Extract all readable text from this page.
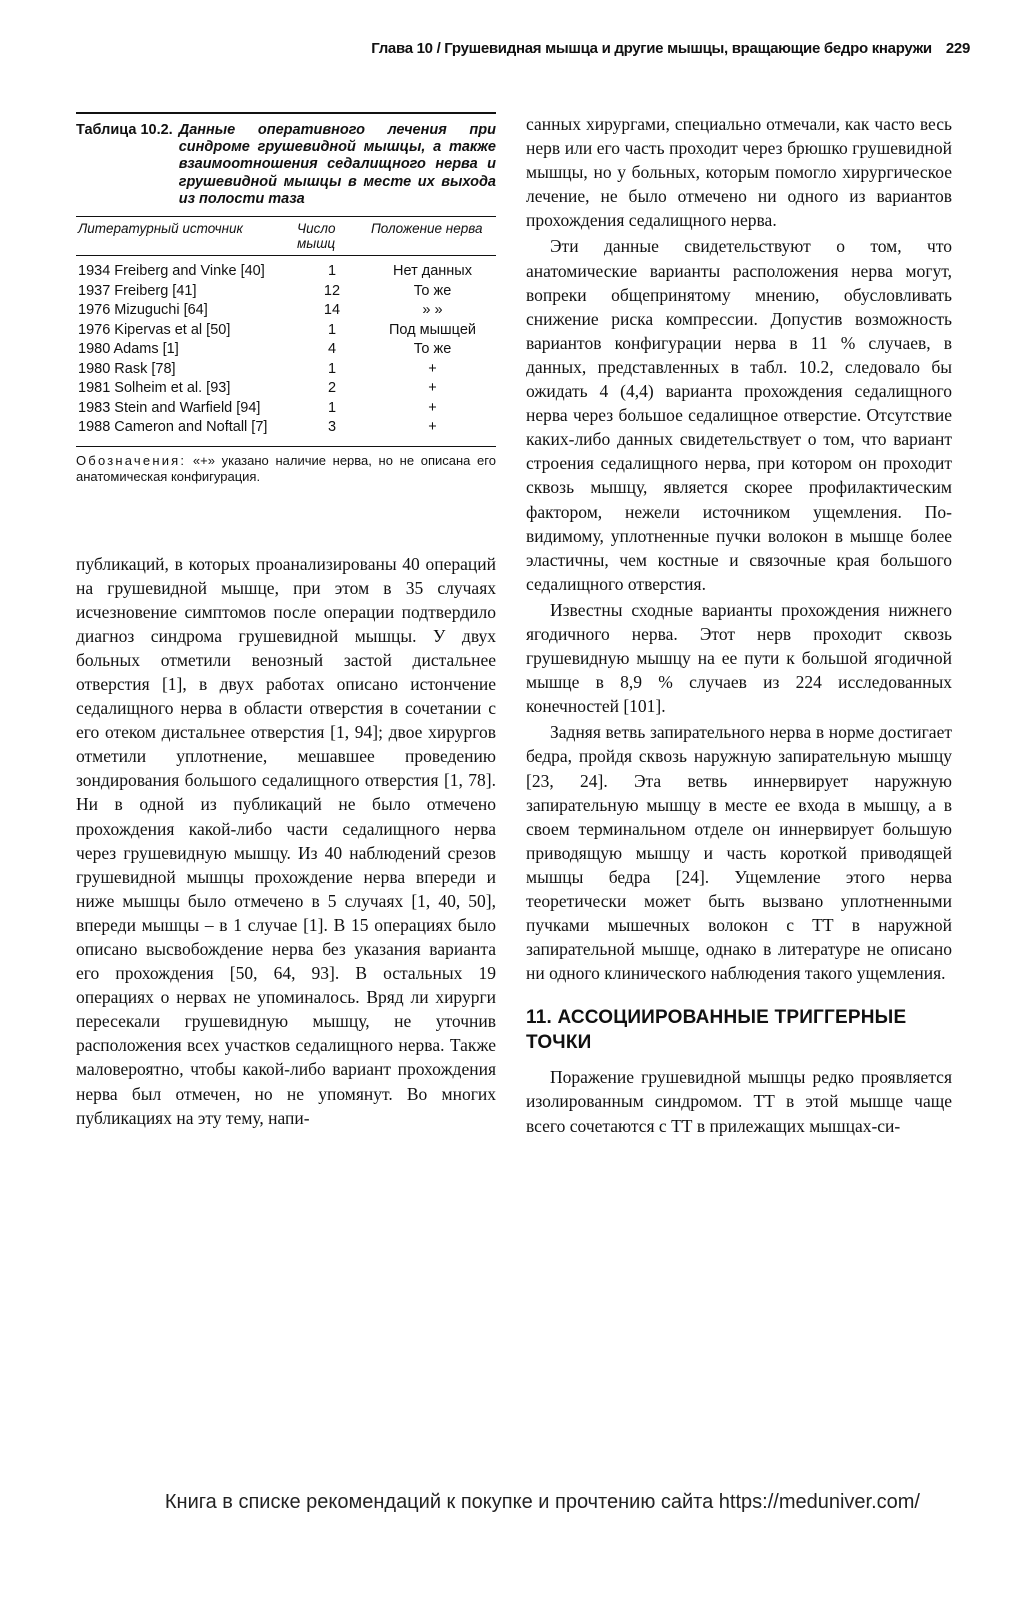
Глава 10 / Грушевидная мышца и другие мышцы, вращающие бедро кнаружи 229
Таблица 10.2. Данные оперативного лечения при синдроме грушевидной мышцы, а также взаимоотношения седалищного нерва и грушевидной мышцы в месте их выхода из полости таза
Литературный источник	Число мышц	Положение нерва
1934 Freiberg and Vinke [40]	1	Нет данных
1937 Freiberg [41]	12	То же
1976 Mizuguchi [64]	14	» »
1976 Kipervas et al [50]	1	Под мышцей
1980 Adams [1]	4	То же
1980 Rask [78]	1	+
1981 Solheim et al. [93]	2	+
1983 Stein and Warfield [94]	1	+
1988 Cameron and Noftall [7]	3	+
Обозначения: «+» указано наличие нерва, но не описана его анатомическая конфигурация.

публикаций, в которых проанализированы 40 операций на грушевидной мышце, при этом в 35 случаях исчезновение симптомов после операции подтвердило диагноз синдрома грушевидной мышцы. У двух больных отметили венозный застой дистальнее отверстия [1], в двух работах описано истончение седалищного нерва в области отверстия в сочетании с его отеком дистальнее отверстия [1, 94]; двое хирургов отметили уплотнение, мешавшее проведению зондирования большого седалищного отверстия [1, 78]. Ни в одной из публикаций не было отмечено прохождения какой-либо части седалищного нерва через грушевидную мышцу. Из 40 наблюдений срезов грушевидной мышцы прохождение нерва впереди и ниже мышцы было отмечено в 5 случаях [1, 40, 50], впереди мышцы – в 1 случае [1]. В 15 операциях было описано высвобождение нерва без указания варианта его прохождения [50, 64, 93]. В остальных 19 операциях о нервах не упоминалось. Вряд ли хирурги пересекали грушевидную мышцу, не уточнив расположения всех участков седалищного нерва. Также маловероятно, чтобы какой-либо вариант прохождения нерва был отмечен, но не упомянут. Во многих публикациях на эту тему, напи-

санных хирургами, специально отмечали, как часто весь нерв или его часть проходит через брюшко грушевидной мышцы, но у больных, которым помогло хирургическое лечение, не было отмечено ни одного из вариантов прохождения седалищного нерва.

Эти данные свидетельствуют о том, что анатомические варианты расположения нерва могут, вопреки общепринятому мнению, обусловливать снижение риска компрессии. Допустив возможность вариантов конфигурации нерва в 11 % случаев, в данных, представленных в табл. 10.2, следовало бы ожидать 4 (4,4) варианта прохождения седалищного нерва через большое седалищное отверстие. Отсутствие каких-либо данных свидетельствует о том, что вариант строения седалищного нерва, при котором он проходит сквозь мышцу, является скорее профилактическим фактором, нежели источником ущемления. По-видимому, уплотненные пучки волокон в мышце более эластичны, чем костные и связочные края большого седалищного отверстия.

Известны сходные варианты прохождения нижнего ягодичного нерва. Этот нерв проходит сквозь грушевидную мышцу на ее пути к большой ягодичной мышце в 8,9 % случаев из 224 исследованных конечностей [101].

Задняя ветвь запирательного нерва в норме достигает бедра, пройдя сквозь наружную запирательную мышцу [23, 24]. Эта ветвь иннервирует наружную запирательную мышцу в месте ее входа в мышцу, а в своем терминальном отделе он иннервирует большую приводящую мышцу и часть короткой приводящей мышцы бедра [24]. Ущемление этого нерва теоретически может быть вызвано уплотненными пучками мышечных волокон с ТТ в наружной запирательной мышце, однако в литературе не описано ни одного клинического наблюдения такого ущемления.

11. АССОЦИИРОВАННЫЕ ТРИГГЕРНЫЕ ТОЧКИ

Поражение грушевидной мышцы редко проявляется изолированным синдромом. ТТ в этой мышце чаще всего сочетаются с ТТ в прилежащих мышцах-си-

Книга в списке рекомендаций к покупке и прочтению сайта https://meduniver.com/
